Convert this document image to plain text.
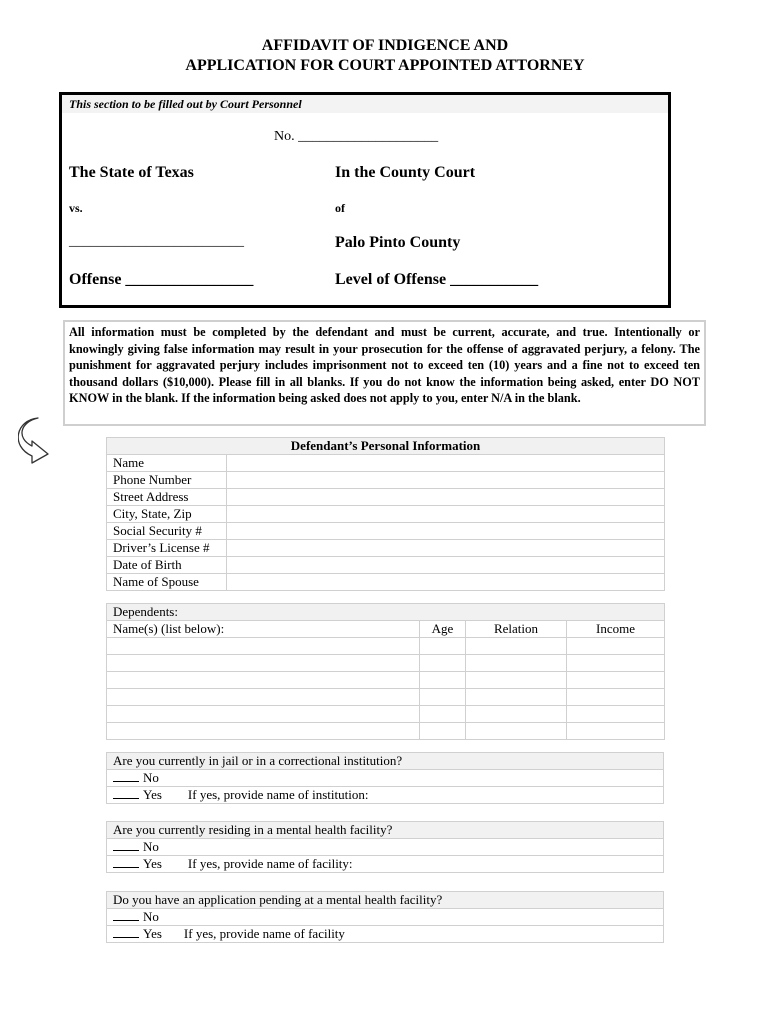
AFFIDAVIT OF INDIGENCE AND
APPLICATION FOR COURT APPOINTED ATTORNEY
This section to be filled out by Court Personnel
No. ____________________
The State of Texas	In the County Court
vs.	of
_________________________	Palo Pinto County
Offense ________________	Level of Offense ___________
All information must be completed by the defendant and must be current, accurate, and true. Intentionally or knowingly giving false information may result in your prosecution for the offense of aggravated perjury, a felony. The punishment for aggravated perjury includes imprisonment not to exceed ten (10) years and a fine not to exceed ten thousand dollars ($10,000). Please fill in all blanks. If you do not know the information being asked, enter DO NOT KNOW in the blank. If the information being asked does not apply to you, enter N/A in the blank.
Defendant’s Personal Information	
Name	
Phone Number	
Street Address	
City, State, Zip	
Social Security #	
Driver’s License #	
Date of Birth	
Name of Spouse	
Dependents:			
Name(s) (list below):	Age	Relation	Income

Are you currently in jail or in a correctional institution?
No
Yes If yes, provide name of institution:
Are you currently residing in a mental health facility?
No
Yes If yes, provide name of facility:
Do you have an application pending at a mental health facility?
No
Yes If yes, provide name of facility
